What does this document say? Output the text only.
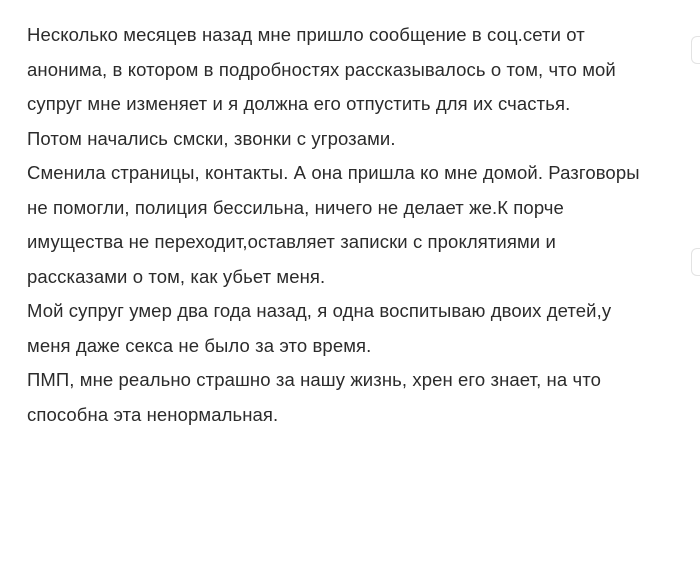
Несколько месяцев назад мне пришло сообщение в соц.сети от анонима, в котором в подробностях рассказывалось о том, что мой супруг мне изменяет и я должна его отпустить для их счастья.

Потом начались смски, звонки с угрозами.

Сменила страницы, контакты. А она пришла ко мне домой. Разговоры не помогли, полиция бессильна, ничего не делает же.К порче имущества не переходит,оставляет записки с проклятиями и рассказами о том, как убьет меня.

Мой супруг умер два года назад, я одна воспитываю двоих детей,у меня даже секса не было за это время.

ПМП, мне реально страшно за нашу жизнь, хрен его знает, на что способна эта ненормальная.
